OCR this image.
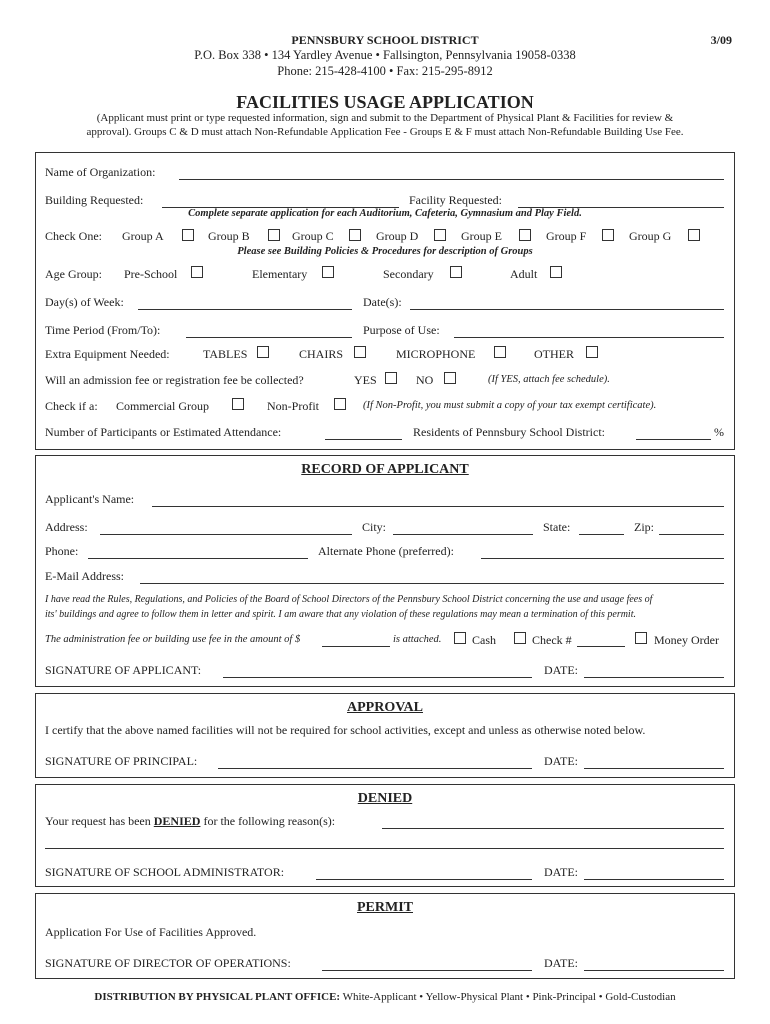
PENNSBURY SCHOOL DISTRICT	3/09
P.O. Box 338 • 134 Yardley Avenue • Fallsington, Pennsylvania 19058-0338
Phone: 215-428-4100 • Fax: 215-295-8912
FACILITIES USAGE APPLICATION
(Applicant must print or type requested information, sign and submit to the Department of Physical Plant & Facilities for review &
approval). Groups C & D must attach Non-Refundable Application Fee - Groups E & F must attach Non-Refundable Building Use Fee.
Name of Organization:
Building Requested:	Facility Requested:
Complete separate application for each Auditorium, Cafeteria, Gymnasium and Play Field.
Check One: Group A	Group B	Group C	Group D	Group E	Group F	Group G
Please see Building Policies & Procedures for description of Groups
Age Group: Pre-School	Elementary	Secondary	Adult
Day(s) of Week:	Date(s):
Time Period (From/To):	Purpose of Use:
Extra Equipment Needed:	TABLES	CHAIRS	MICROPHONE	OTHER
Will an admission fee or registration fee be collected?	YES	NO	(If YES, attach fee schedule).
Check if a: Commercial Group	Non-Profit	(If Non-Profit, you must submit a copy of your tax exempt certificate).
Number of Participants or Estimated Attendance:	Residents of Pennsbury School District:	%
RECORD OF APPLICANT
Applicant's Name:
Address:	City:	State:	Zip:
Phone:	Alternate Phone (preferred):
E-Mail Address:
I have read the Rules, Regulations, and Policies of the Board of School Directors of the Pennsbury School District concerning the use and usage fees of
its' buildings and agree to follow them in letter and spirit. I am aware that any violation of these regulations may mean a termination of this permit.
The administration fee or building use fee in the amount of $	is attached.	Cash	Check #	Money Order
SIGNATURE OF APPLICANT:	DATE:
APPROVAL
I certify that the above named facilities will not be required for school activities, except and unless as otherwise noted below.
SIGNATURE OF PRINCIPAL:	DATE:
DENIED
Your request has been DENIED for the following reason(s):
SIGNATURE OF SCHOOL ADMINISTRATOR:	DATE:
PERMIT
Application For Use of Facilities Approved.
SIGNATURE OF DIRECTOR OF OPERATIONS:	DATE:
DISTRIBUTION BY PHYSICAL PLANT OFFICE: White-Applicant • Yellow-Physical Plant • Pink-Principal • Gold-Custodian
